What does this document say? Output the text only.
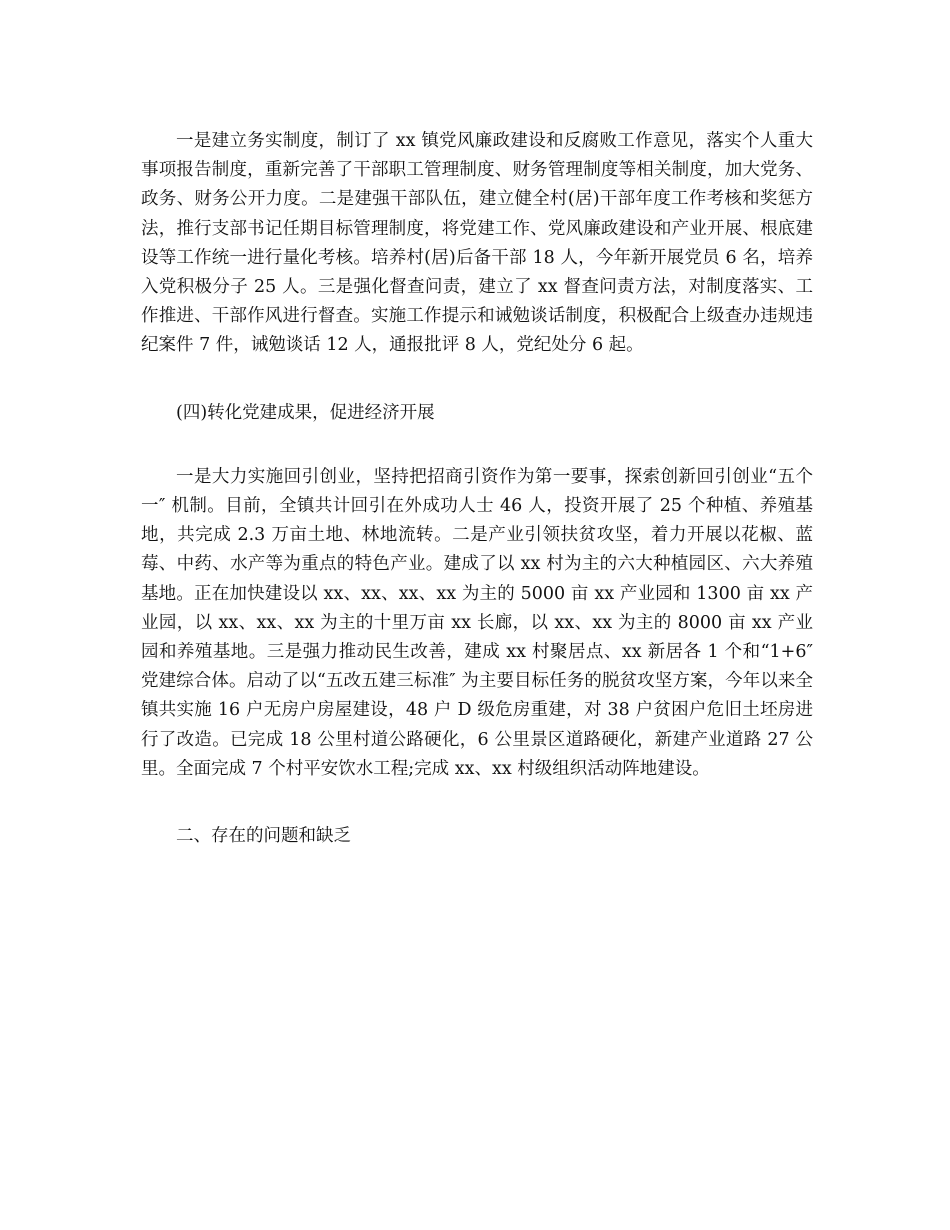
一是建立务实制度，制订了 xx 镇党风廉政建设和反腐败工作意见，落实个人重大事项报告制度，重新完善了干部职工管理制度、财务管理制度等相关制度，加大党务、政务、财务公开力度。二是建强干部队伍，建立健全村(居)干部年度工作考核和奖惩方法，推行支部书记任期目标管理制度，将党建工作、党风廉政建设和产业开展、根底建设等工作统一进行量化考核。培养村(居)后备干部 18 人，今年新开展党员 6 名，培养入党积极分子 25 人。三是强化督查问责，建立了 xx 督查问责方法，对制度落实、工作推进、干部作风进行督查。实施工作提示和诫勉谈话制度，积极配合上级查办违规违纪案件 7 件，诫勉谈话 12 人，通报批评 8 人，党纪处分 6 起。

(四)转化党建成果，促进经济开展

一是大力实施回引创业，坚持把招商引资作为第一要事，探索创新回引创业“五个一″ 机制。目前，全镇共计回引在外成功人士 46 人，投资开展了 25 个种植、养殖基地，共完成 2.3 万亩土地、林地流转。二是产业引领扶贫攻坚，着力开展以花椒、蓝莓、中药、水产等为重点的特色产业。建成了以 xx 村为主的六大种植园区、六大养殖基地。正在加快建设以 xx、xx、xx、xx 为主的 5000 亩 xx 产业园和 1300 亩 xx 产业园，以 xx、xx、xx 为主的十里万亩 xx 长廊，以 xx、xx 为主的 8000 亩 xx 产业园和养殖基地。三是强力推动民生改善，建成 xx 村聚居点、xx 新居各 1 个和“1+6″ 党建综合体。启动了以“五改五建三标准″ 为主要目标任务的脱贫攻坚方案，今年以来全镇共实施 16 户无房户房屋建设，48 户 D 级危房重建，对 38 户贫困户危旧土坯房进行了改造。已完成 18 公里村道公路硬化，6 公里景区道路硬化，新建产业道路 27 公里。全面完成 7 个村平安饮水工程;完成 xx、xx 村级组织活动阵地建设。

二、存在的问题和缺乏
